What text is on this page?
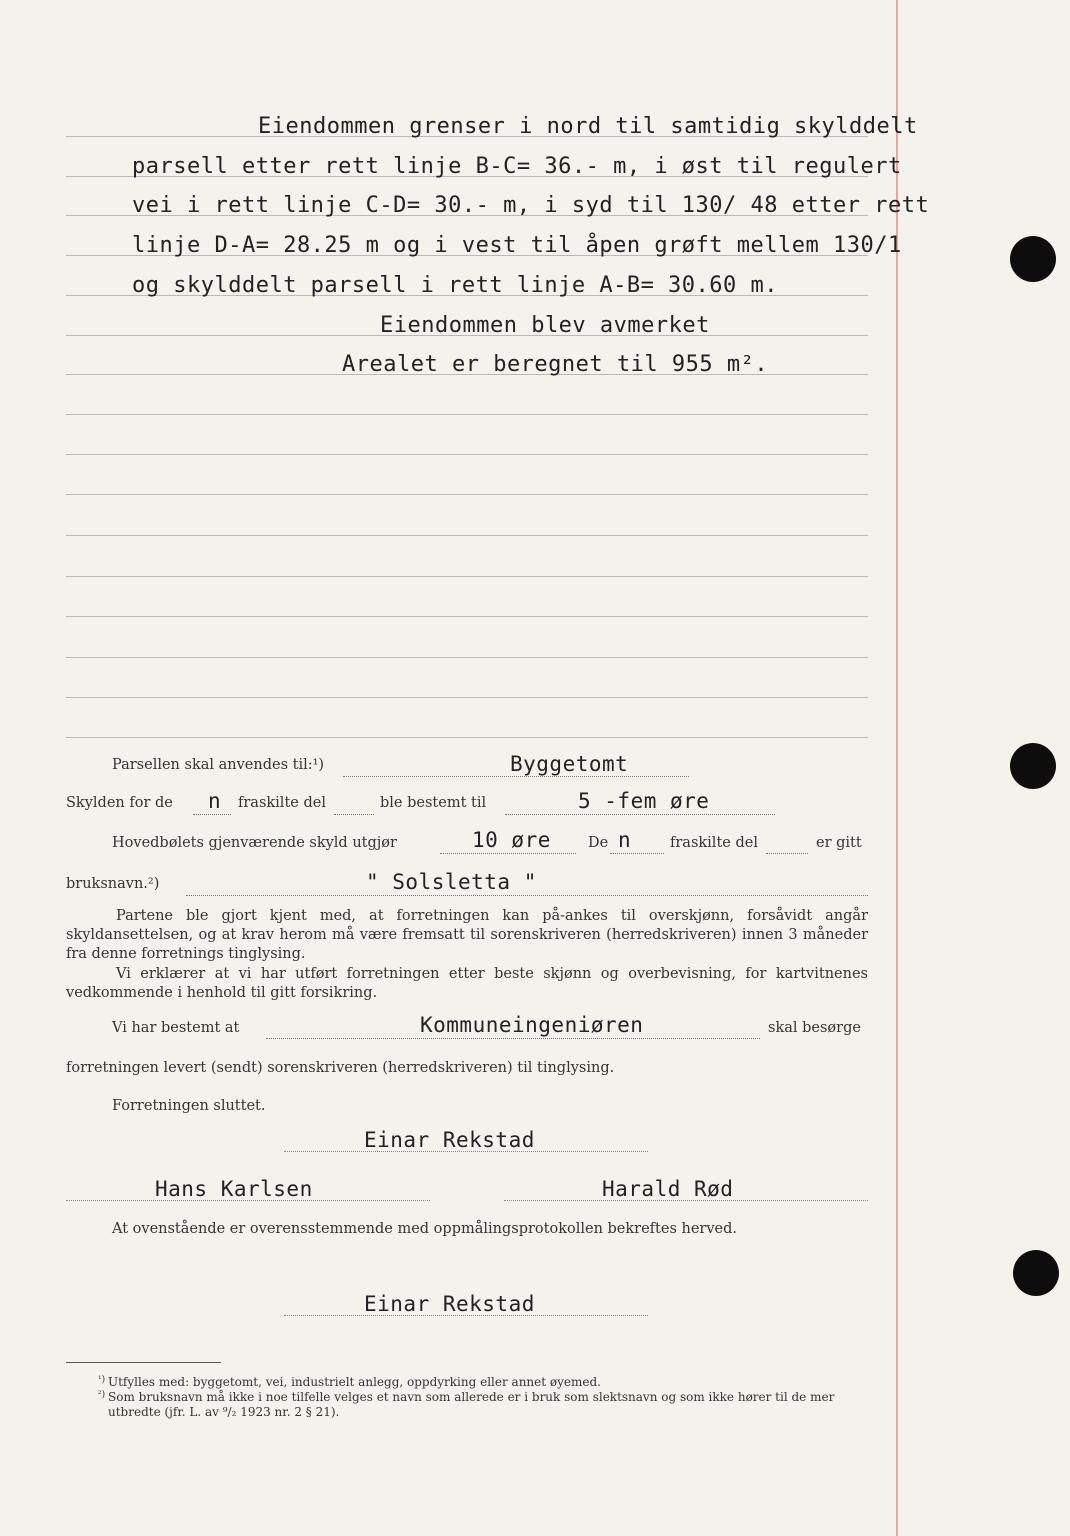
Eiendommen grenser i nord til samtidig skylddelt
parsell etter rett linje B-C= 36.- m, i øst til regulert
vei i rett linje C-D= 30.- m, i syd til 130/ 48 etter rett
linje D-A= 28.25 m og i vest til åpen grøft mellem 130/1
og skylddelt parsell i rett linje A-B= 30.60 m.
Eiendommen blev avmerket
Arealet er beregnet til 955 m².
Parsellen skal anvendes til:¹)	Byggetomt
Skylden for de n fraskilte del	ble bestemt til	5 -fem øre
Hovedbølets gjenværende skyld utgjør	10 øre	De n	fraskilte del	er gitt
bruksnavn.²)	" Solsletta "

Partene ble gjort kjent med, at forretningen kan på-ankes til overskjønn, forsåvidt angår skyldansettelsen, og at krav herom må være fremsatt til sorenskriveren (herredskriveren) innen 3 måneder fra denne forretnings tinglysing.

Vi erklærer at vi har utført forretningen etter beste skjønn og overbevisning, for kartvitnenes vedkommende i henhold til gitt forsikring.

Vi har bestemt at	Kommuneingeniøren	skal besørge
forretningen levert (sendt) sorenskriveren (herredskriveren) til tinglysing.
Forretningen sluttet.
Einar Rekstad
Hans Karlsen	Harald Rød
At ovenstående er overensstemmende med oppmålingsprotokollen bekreftes herved.
Einar Rekstad
¹) Utfylles med: byggetomt, vei, industrielt anlegg, oppdyrking eller annet øyemed.
²) Som bruksnavn må ikke i noe tilfelle velges et navn som allerede er i bruk som slektsnavn og som ikke hører til de mer utbredte (jfr. L. av ⁹/₂ 1923 nr. 2 § 21).
